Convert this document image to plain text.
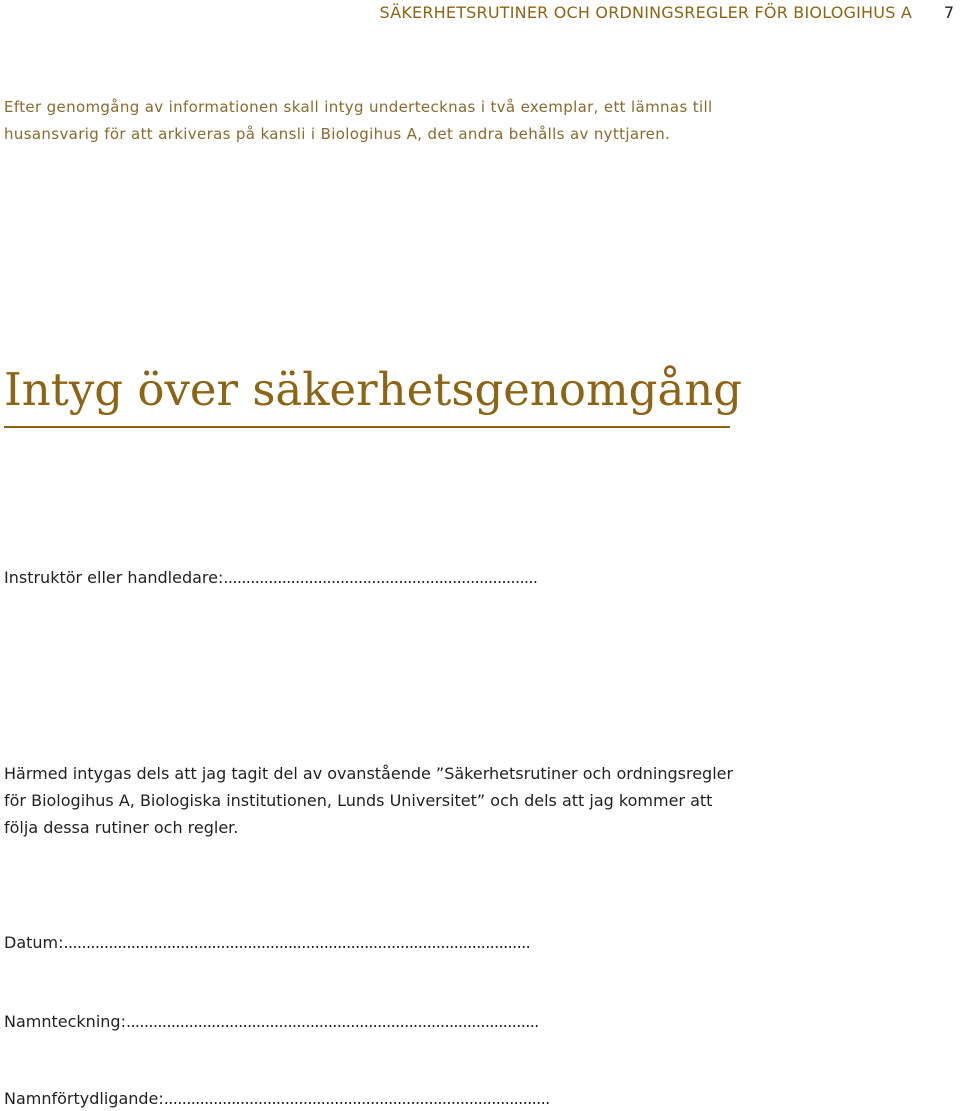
SÄKERHETSRUTINER OCH ORDNINGSREGLER FÖR BIOLOGIHUS A 7

Efter genomgång av informationen skall intyg undertecknas i två exemplar, ett lämnas till husansvarig för att arkiveras på kansli i Biologihus A, det andra behålls av nyttjaren.

Intyg över säkerhetsgenomgång
Instruktör eller handledare:......................................................................

Härmed intygas dels att jag tagit del av ovanstående ”Säkerhetsrutiner och ordningsregler för Biologihus A, Biologiska institutionen, Lunds Universitet” och dels att jag kommer att följa dessa rutiner och regler.

Datum:........................................................................................................
Namnteckning:............................................................................................
Namnförtydligande:......................................................................................
